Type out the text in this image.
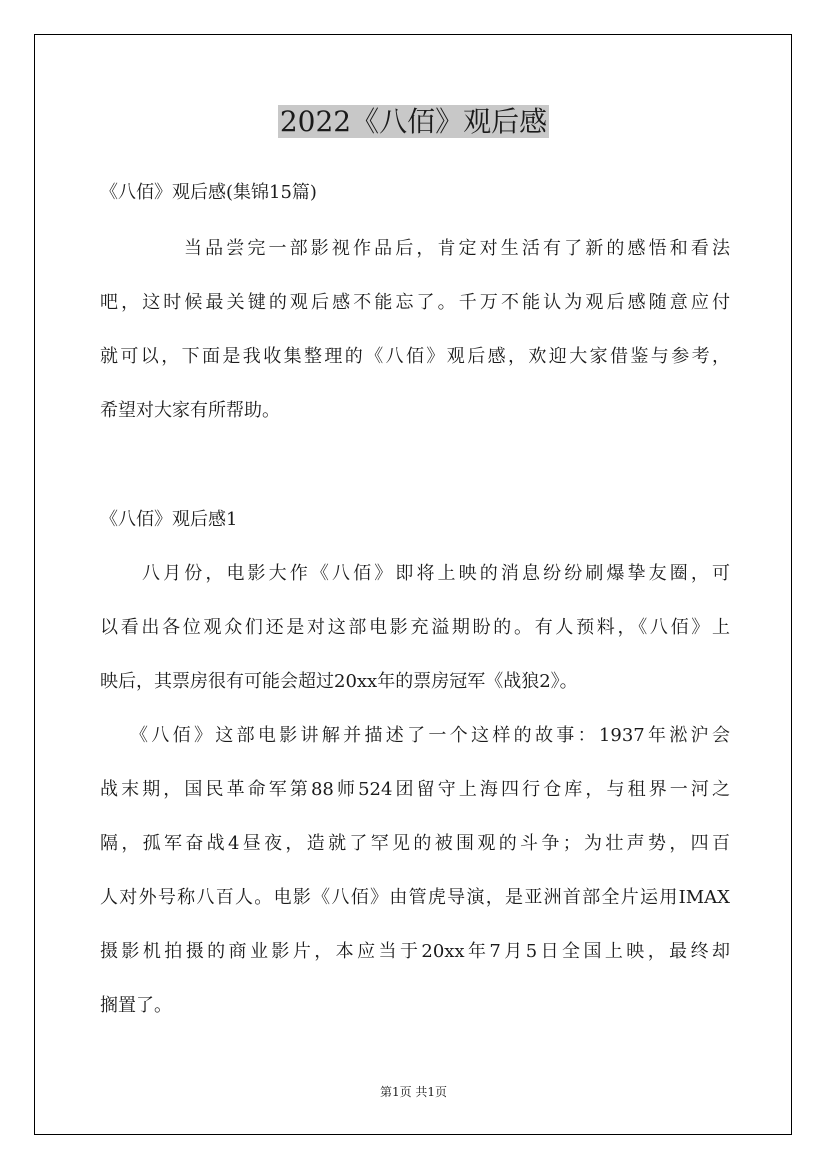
2022《八佰》观后感
《八佰》观后感(集锦15篇)
当品尝完一部影视作品后，肯定对生活有了新的感悟和看法
吧，这时候最关键的观后感不能忘了。千万不能认为观后感随意应付
就可以，下面是我收集整理的《八佰》观后感，欢迎大家借鉴与参考，
希望对大家有所帮助。
《八佰》观后感1
八月份，电影大作《八佰》即将上映的消息纷纷刷爆挚友圈，可
以看出各位观众们还是对这部电影充溢期盼的。有人预料，《八佰》上
映后，其票房很有可能会超过20xx年的票房冠军《战狼2》。
《八佰》这部电影讲解并描述了一个这样的故事：1937年淞沪会
战末期，国民革命军第88师524团留守上海四行仓库，与租界一河之
隔，孤军奋战4昼夜，造就了罕见的被围观的斗争；为壮声势，四百
人对外号称八百人。电影《八佰》由管虎导演，是亚洲首部全片运用IMAX
摄影机拍摄的商业影片，本应当于20xx年7月5日全国上映，最终却
搁置了。
第1页 共1页
